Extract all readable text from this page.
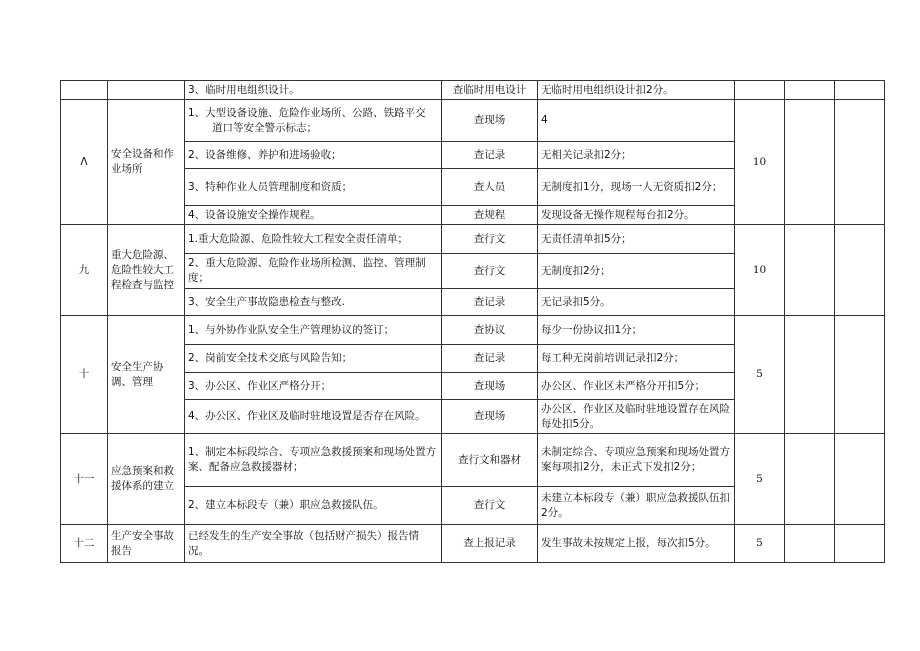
		3、临时用电组织设计。	查临时用电设计	无临时用电组织设计扣2分。			
Λ	安全设备和作业场所	1、大型设备设施、危险作业场所、公路、铁路平交
道口等安全警示标志；	查现场	4	10		
		2、设备维修、养护和进场验收；	查记录	无相关记录扣2分；			
		3、特种作业人员管理制度和资质；	查人员	无制度扣1分，现场一人无资质扣2分；			
		4、设备设施安全操作规程。	查规程	发现设备无操作规程每台扣2分。			
九	重大危险源、危险性较大工程检查与监控	1.重大危险源、危险性较大工程安全责任清单；	查行文	无责任清单扣5分；	10		
		2、重大危险源、危险作业场所检测、监控、管理制度；	查行文	无制度扣2分；			
		3、安全生产事故隐患检查与整改.	查记录	无记录扣5分。			
十	安全生产协调、管理	1、与外协作业队安全生产管理协议的签订；	查协议	每少一份协议扣1分；	5		
		2、岗前安全技术交底与风险告知；	查记录	每工种无岗前培训记录扣2分；			
		3、办公区、作业区严格分开；	查现场	办公区、作业区未严格分开扣5分；			
		4、办公区、作业区及临时驻地设置是否存在风险。	查现场	办公区、作业区及临时驻地设置存在风险每处扣5分。			
十一	应急预案和救援体系的建立	1、制定本标段综合、专项应急救援预案和现场处置方案、配备应急救援器材；	查行文和器材	未制定综合、专项应急预案和现场处置方案每项扣2分，未正式下发扣2分；	5		
		2、建立本标段专（兼）职应急救援队伍。	查行文	未建立本标段专（兼）职应急救援队伍扣2分。			
十二	生产安全事故报告	已经发生的生产安全事故（包括财产损失）报告情况。	查上报记录	发生事故未按规定上报，每次扣5分。	5		
